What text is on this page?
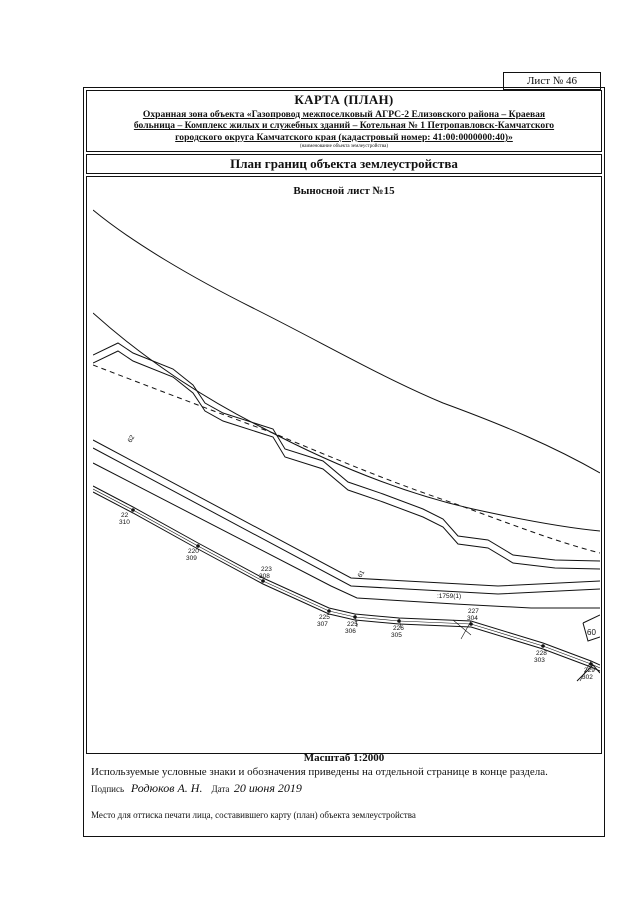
Лист № 46
КАРТА (ПЛАН)
Охранная зона объекта «Газопровод межпоселковый АГРС-2 Елизовского района – Краевая
больница – Комплекс жилых и служебных зданий – Котельная № 1 Петропавловск-Камчатского
городского округа Камчатского края (кадастровый номер: 41:00:0000000:40)»
(наименование объекта землеустройства)
План границ объекта землеустройства
Выносной лист №15
62
61
:1759(1)
60
22
310
220
309
223
308
225
307	225
306	226
305
227
304
228
303
229
302
Масштаб 1:2000
Используемые условные знаки и обозначения приведены на отдельной странице в конце раздела.
Подпись Родюков А. Н. Дата 20 июня 2019
Место для оттиска печати лица, составившего карту (план) объекта землеустройства
